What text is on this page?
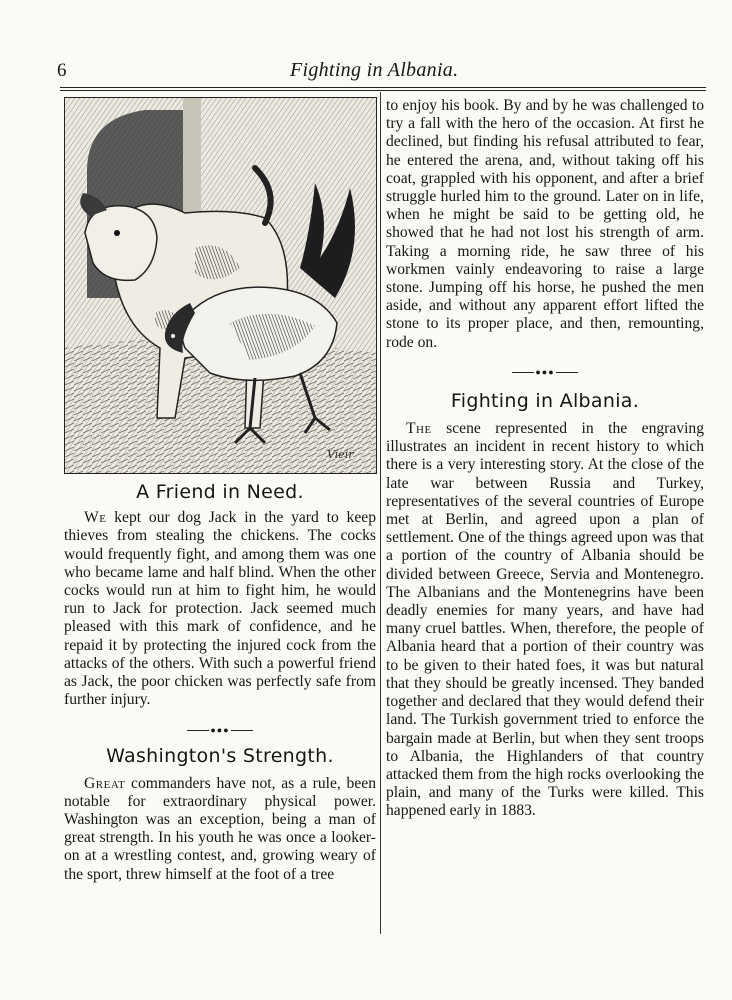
6	Fighting in Albania.
Vieir
A Friend in Need.

We kept our dog Jack in the yard to keep thieves from stealing the chickens. The cocks would frequently fight, and among them was one who became lame and half blind. When the other cocks would run at him to fight him, he would run to Jack for protection. Jack seemed much pleased with this mark of confidence, and he repaid it by protecting the injured cock from the attacks of the others. With such a powerful friend as Jack, the poor chicken was perfectly safe from further injury.

●●●
Washington's Strength.

Great commanders have not, as a rule, been notable for extraordinary physical power. Washington was an exception, being a man of great strength. In his youth he was once a looker-on at a wrestling contest, and, growing weary of the sport, threw himself at the foot of a tree

to enjoy his book. By and by he was challenged to try a fall with the hero of the occasion. At first he declined, but finding his refusal attributed to fear, he entered the arena, and, without taking off his coat, grappled with his opponent, and after a brief struggle hurled him to the ground. Later on in life, when he might be said to be getting old, he showed that he had not lost his strength of arm. Taking a morning ride, he saw three of his workmen vainly endeavoring to raise a large stone. Jumping off his horse, he pushed the men aside, and without any apparent effort lifted the stone to its proper place, and then, remounting, rode on.

●●●
Fighting in Albania.

The scene represented in the engraving illustrates an incident in recent history to which there is a very interesting story. At the close of the late war between Russia and Turkey, representatives of the several countries of Europe met at Berlin, and agreed upon a plan of settlement. One of the things agreed upon was that a portion of the country of Albania should be divided between Greece, Servia and Montenegro. The Albanians and the Montenegrins have been deadly enemies for many years, and have had many cruel battles. When, therefore, the people of Albania heard that a portion of their country was to be given to their hated foes, it was but natural that they should be greatly incensed. They banded together and declared that they would defend their land. The Turkish government tried to enforce the bargain made at Berlin, but when they sent troops to Albania, the Highlanders of that country attacked them from the high rocks overlooking the plain, and many of the Turks were killed. This happened early in 1883.
